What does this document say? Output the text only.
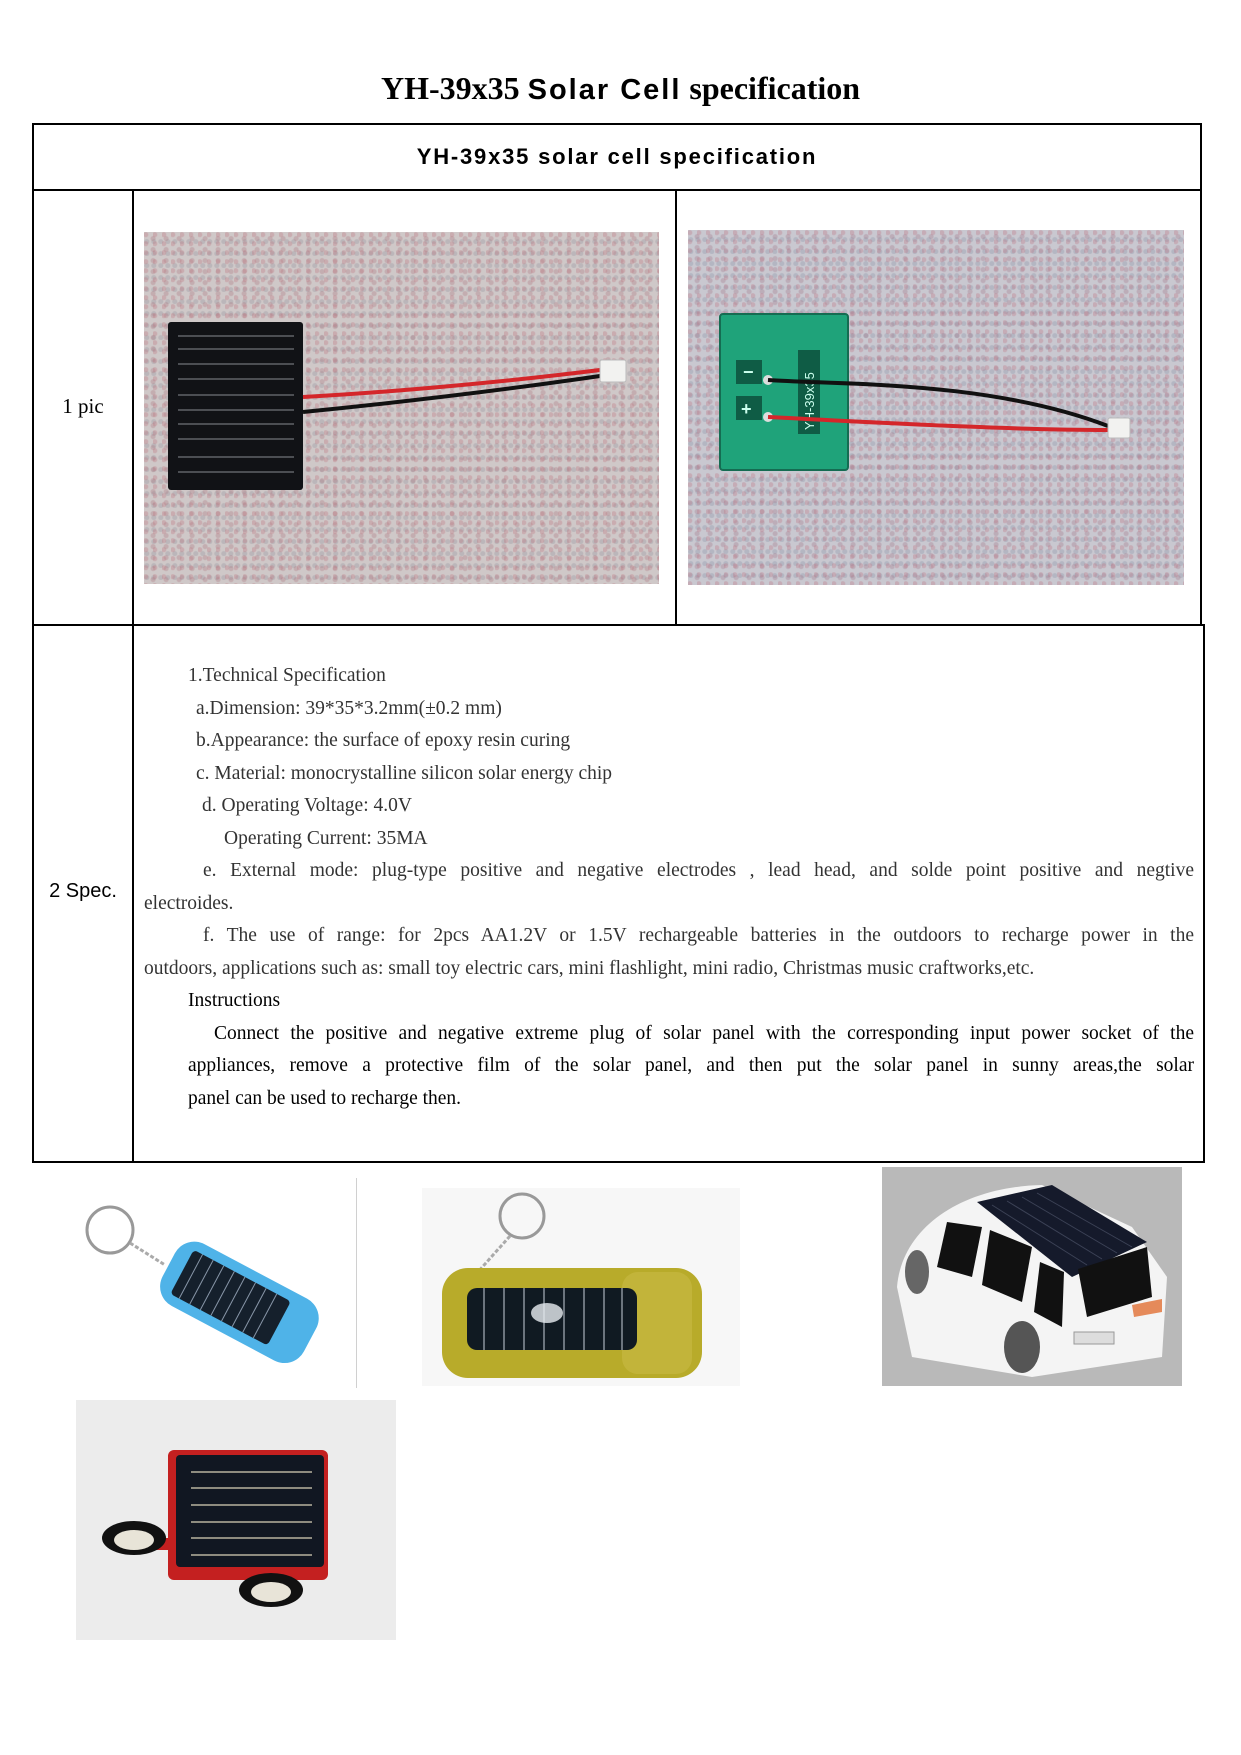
YH-39x35 Solar Cell specification
YH-39x35 solar cell specification
1 pic
−
+	YH-39x35
2 Spec.

1.Technical Specification

a.Dimension: 39*35*3.2mm(±0.2 mm)

b.Appearance: the surface of epoxy resin curing

c. Material: monocrystalline silicon solar energy chip

d. Operating Voltage: 4.0V

Operating Current: 35MA

e. External mode: plug-type positive and negative electrodes , lead head, and solde point positive and negtive

electroides.

f. The use of range: for 2pcs AA1.2V or 1.5V rechargeable batteries in the outdoors to recharge power in the

outdoors, applications such as: small toy electric cars, mini flashlight, mini radio, Christmas music craftworks,etc.

Instructions

Connect the positive and negative extreme plug of solar panel with the corresponding input power socket of the

appliances, remove a protective film of the solar panel, and then put the solar panel in sunny areas,the solar

panel can be used to recharge then.
